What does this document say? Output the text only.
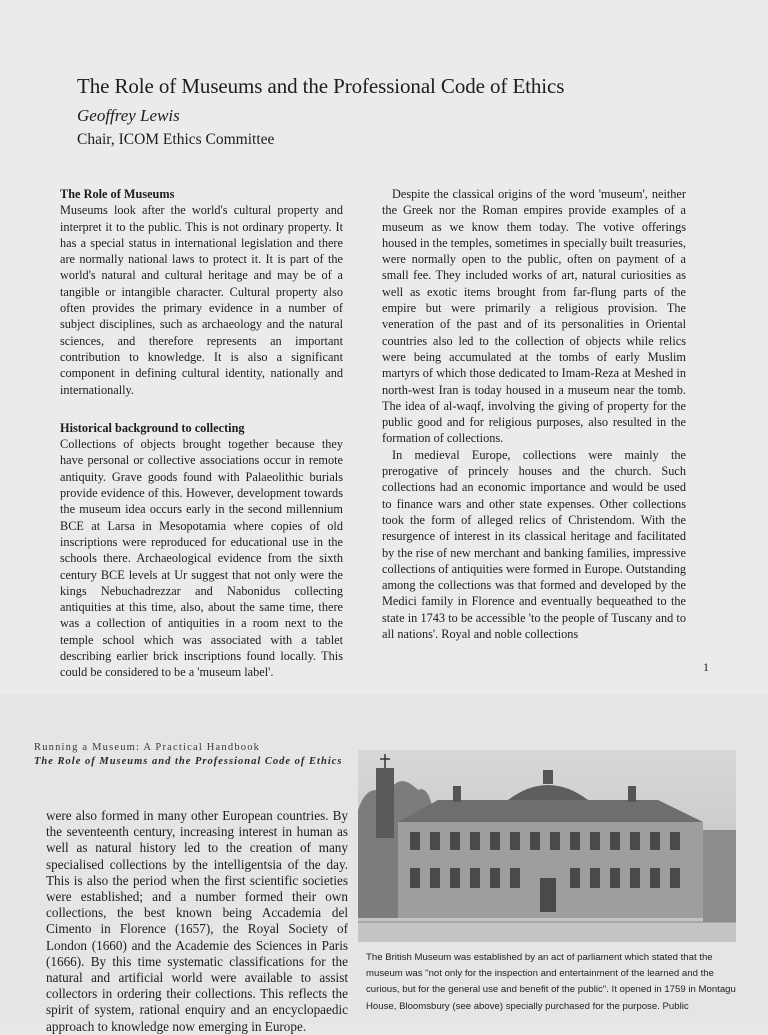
The Role of Museums and the Professional Code of Ethics
Geoffrey Lewis
Chair, ICOM Ethics Committee

The Role of Museums

Museums look after the world's cultural property and interpret it to the public. This is not ordinary property. It has a special status in international legislation and there are normally national laws to protect it. It is part of the world's natural and cultural heritage and may be of a tangible or intangible character. Cultural property also often provides the primary evidence in a number of subject disciplines, such as archaeology and the natural sciences, and therefore represents an important contribution to knowledge. It is also a significant component in defining cultural identity, nationally and internationally.

Historical background to collecting

Collections of objects brought together because they have personal or collective associations occur in remote antiquity. Grave goods found with Palaeolithic burials provide evidence of this. However, development towards the museum idea occurs early in the second millennium BCE at Larsa in Mesopotamia where copies of old inscriptions were reproduced for educational use in the schools there. Archaeological evidence from the sixth century BCE levels at Ur suggest that not only were the kings Nebuchadrezzar and Nabonidus collecting antiquities at this time, also, about the same time, there was a collection of antiquities in a room next to the temple school which was associated with a tablet describing earlier brick inscriptions found locally. This could be considered to be a 'museum label'.

Despite the classical origins of the word 'museum', neither the Greek nor the Roman empires provide examples of a museum as we know them today. The votive offerings housed in the temples, sometimes in specially built treasuries, were normally open to the public, often on payment of a small fee. They included works of art, natural curiosities as well as exotic items brought from far-flung parts of the empire but were primarily a religious provision. The veneration of the past and of its personalities in Oriental countries also led to the collection of objects while relics were being accumulated at the tombs of early Muslim martyrs of which those dedicated to Imam-Reza at Meshed in north-west Iran is today housed in a museum near the tomb. The idea of al-waqf, involving the giving of property for the public good and for religious purposes, also resulted in the formation of collections.

In medieval Europe, collections were mainly the prerogative of princely houses and the church. Such collections had an economic importance and would be used to finance wars and other state expenses. Other collections took the form of alleged relics of Christendom. With the resurgence of interest in its classical heritage and facilitated by the rise of new merchant and banking families, impressive collections of antiquities were formed in Europe. Outstanding among the collections was that formed and developed by the Medici family in Florence and eventually bequeathed to the state in 1743 to be accessible 'to the people of Tuscany and to all nations'. Royal and noble collections

1
Running a Museum: A Practical Handbook
The Role of Museums and the Professional Code of Ethics

were also formed in many other European countries. By the seventeenth century, increasing interest in human as well as natural history led to the creation of many specialised collections by the intelligentsia of the day. This is also the period when the first scientific societies were established; and a number formed their own collections, the best known being Accademia del Cimento in Florence (1657), the Royal Society of London (1660) and the Academie des Sciences in Paris (1666). By this time systematic classifications for the natural and artificial world were available to assist collectors in ordering their collections. This reflects the spirit of system, rational enquiry and an encyclopaedic approach to knowledge now emerging in Europe.

The British Museum was established by an act of parliament which stated that the museum was "not only for the inspection and entertainment of the learned and the curious, but for the general use and benefit of the public". It opened in 1759 in Montagu House, Bloomsbury (see above) specially purchased for the purpose. Public
